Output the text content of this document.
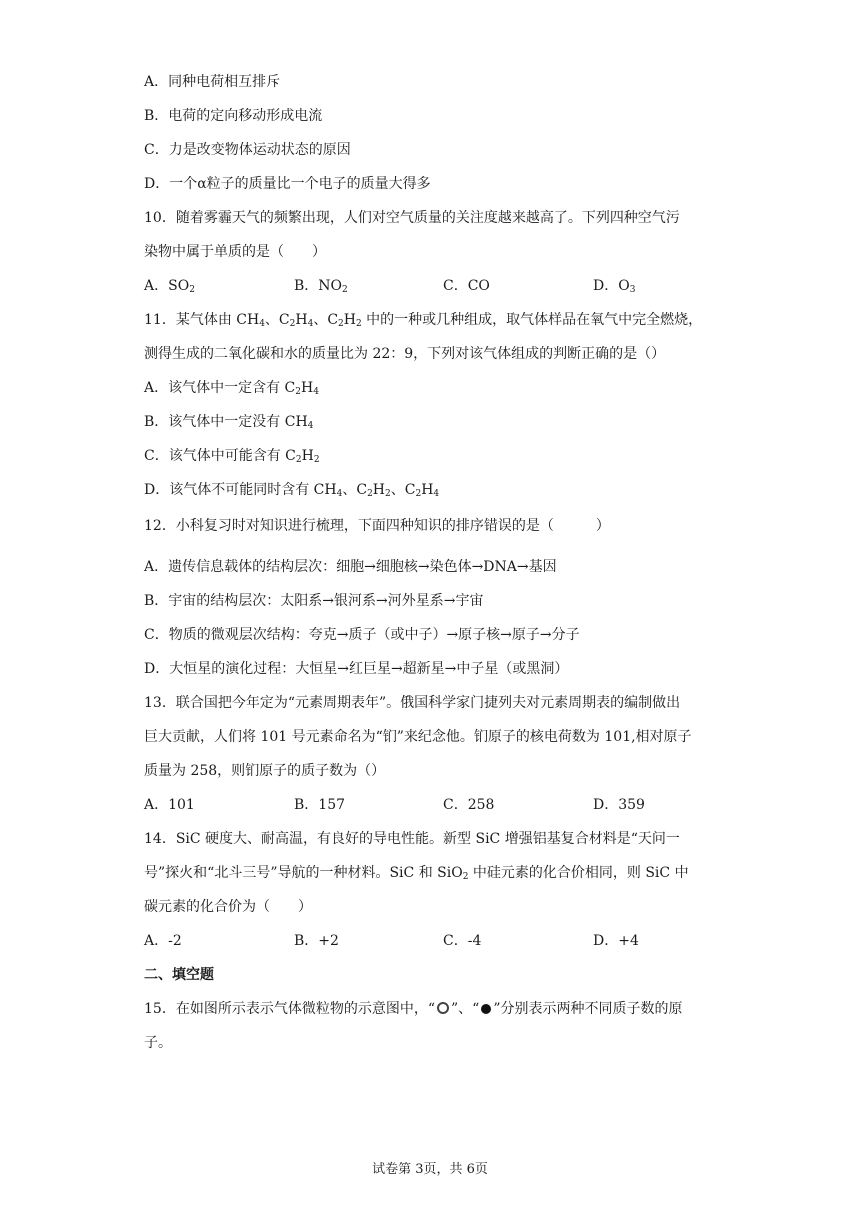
A．同种电荷相互排斥
B．电荷的定向移动形成电流
C．力是改变物体运动状态的原因
D．一个α粒子的质量比一个电子的质量大得多
10．随着雾霾天气的频繁出现，人们对空气质量的关注度越来越高了。下列四种空气污
染物中属于单质的是（　　）
A．$SO_2$	B．$NO_2$	C．CO	D．$O_3$
11．某气体由 $CH_4$、$C_2H_4$、$C_2H_2$ 中的一种或几种组成，取气体样品在氧气中完全燃烧，
测得生成的二氧化碳和水的质量比为 22：9，下列对该气体组成的判断正确的是（）
A．该气体中一定含有 $C_2H_4$
B．该气体中一定没有 $CH_4$
C．该气体中可能含有 $C_2H_2$
D．该气体不可能同时含有 $CH_4$、$C_2H_2$、$C_2H_4$
12．小科复习时对知识进行梳理，下面四种知识的排序错误的是（　　　）
A．遗传信息载体的结构层次：细胞→细胞核→染色体→DNA→基因
B．宇宙的结构层次：太阳系→银河系→河外星系→宇宙
C．物质的微观层次结构：夸克→质子（或中子）→原子核→原子→分子
D．大恒星的演化过程：大恒星→红巨星→超新星→中子星（或黑洞）
13．联合国把今年定为“元素周期表年”。俄国科学家门捷列夫对元素周期表的编制做出
巨大贡献，人们将 101 号元素命名为“钔”来纪念他。钔原子的核电荷数为 101,相对原子
质量为 258，则钔原子的质子数为（）
A．101	B．157	C．258	D．359
14．SiC 硬度大、耐高温，有良好的导电性能。新型 SiC 增强铝基复合材料是“天问一
号”探火和“北斗三号”导航的一种材料。SiC 和 SiO$_2$ 中硅元素的化合价相同，则 SiC 中
碳元素的化合价为（　　）
A．-2	B．+2	C．-4	D．+4
二、填空题
15．在如图所示表示气体微粒物的示意图中，“ ”、“ ”分别表示两种不同质子数的原
子。
试卷第 3页，共 6页
